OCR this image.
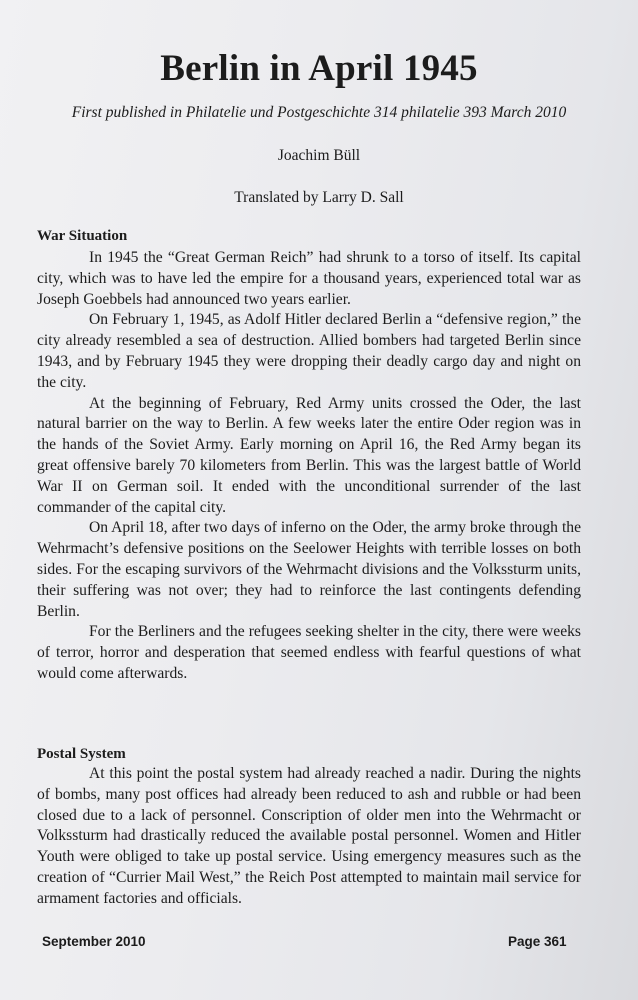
Berlin in April 1945
First published in Philatelie und Postgeschichte 314 philatelie 393 March 2010
Joachim Büll
Translated by Larry D. Sall
War Situation

In 1945 the “Great German Reich” had shrunk to a torso of itself. Its capital city, which was to have led the empire for a thousand years, experienced total war as Joseph Goebbels had announced two years earlier.

On February 1, 1945, as Adolf Hitler declared Berlin a “defensive region,” the city already resembled a sea of destruction. Allied bombers had targeted Berlin since 1943, and by February 1945 they were dropping their deadly cargo day and night on the city.

At the beginning of February, Red Army units crossed the Oder, the last natural barrier on the way to Berlin. A few weeks later the entire Oder region was in the hands of the Soviet Army. Early morning on April 16, the Red Army began its great offensive barely 70 kilometers from Berlin. This was the largest battle of World War II on German soil. It ended with the unconditional surrender of the last commander of the capital city.

On April 18, after two days of inferno on the Oder, the army broke through the Wehrmacht’s defensive positions on the Seelower Heights with terrible losses on both sides. For the escaping survivors of the Wehrmacht divisions and the Volkssturm units, their suffering was not over; they had to reinforce the last contingents defending Berlin.

For the Berliners and the refugees seeking shelter in the city, there were weeks of terror, horror and desperation that seemed endless with fearful questions of what would come afterwards.

Postal System

At this point the postal system had already reached a nadir. During the nights of bombs, many post offices had already been reduced to ash and rubble or had been closed due to a lack of personnel. Conscription of older men into the Wehrmacht or Volkssturm had drastically reduced the available postal personnel. Women and Hitler Youth were obliged to take up postal service. Using emergency measures such as the creation of “Currier Mail West,” the Reich Post attempted to maintain mail service for armament factories and officials.

September 2010	Page 361
